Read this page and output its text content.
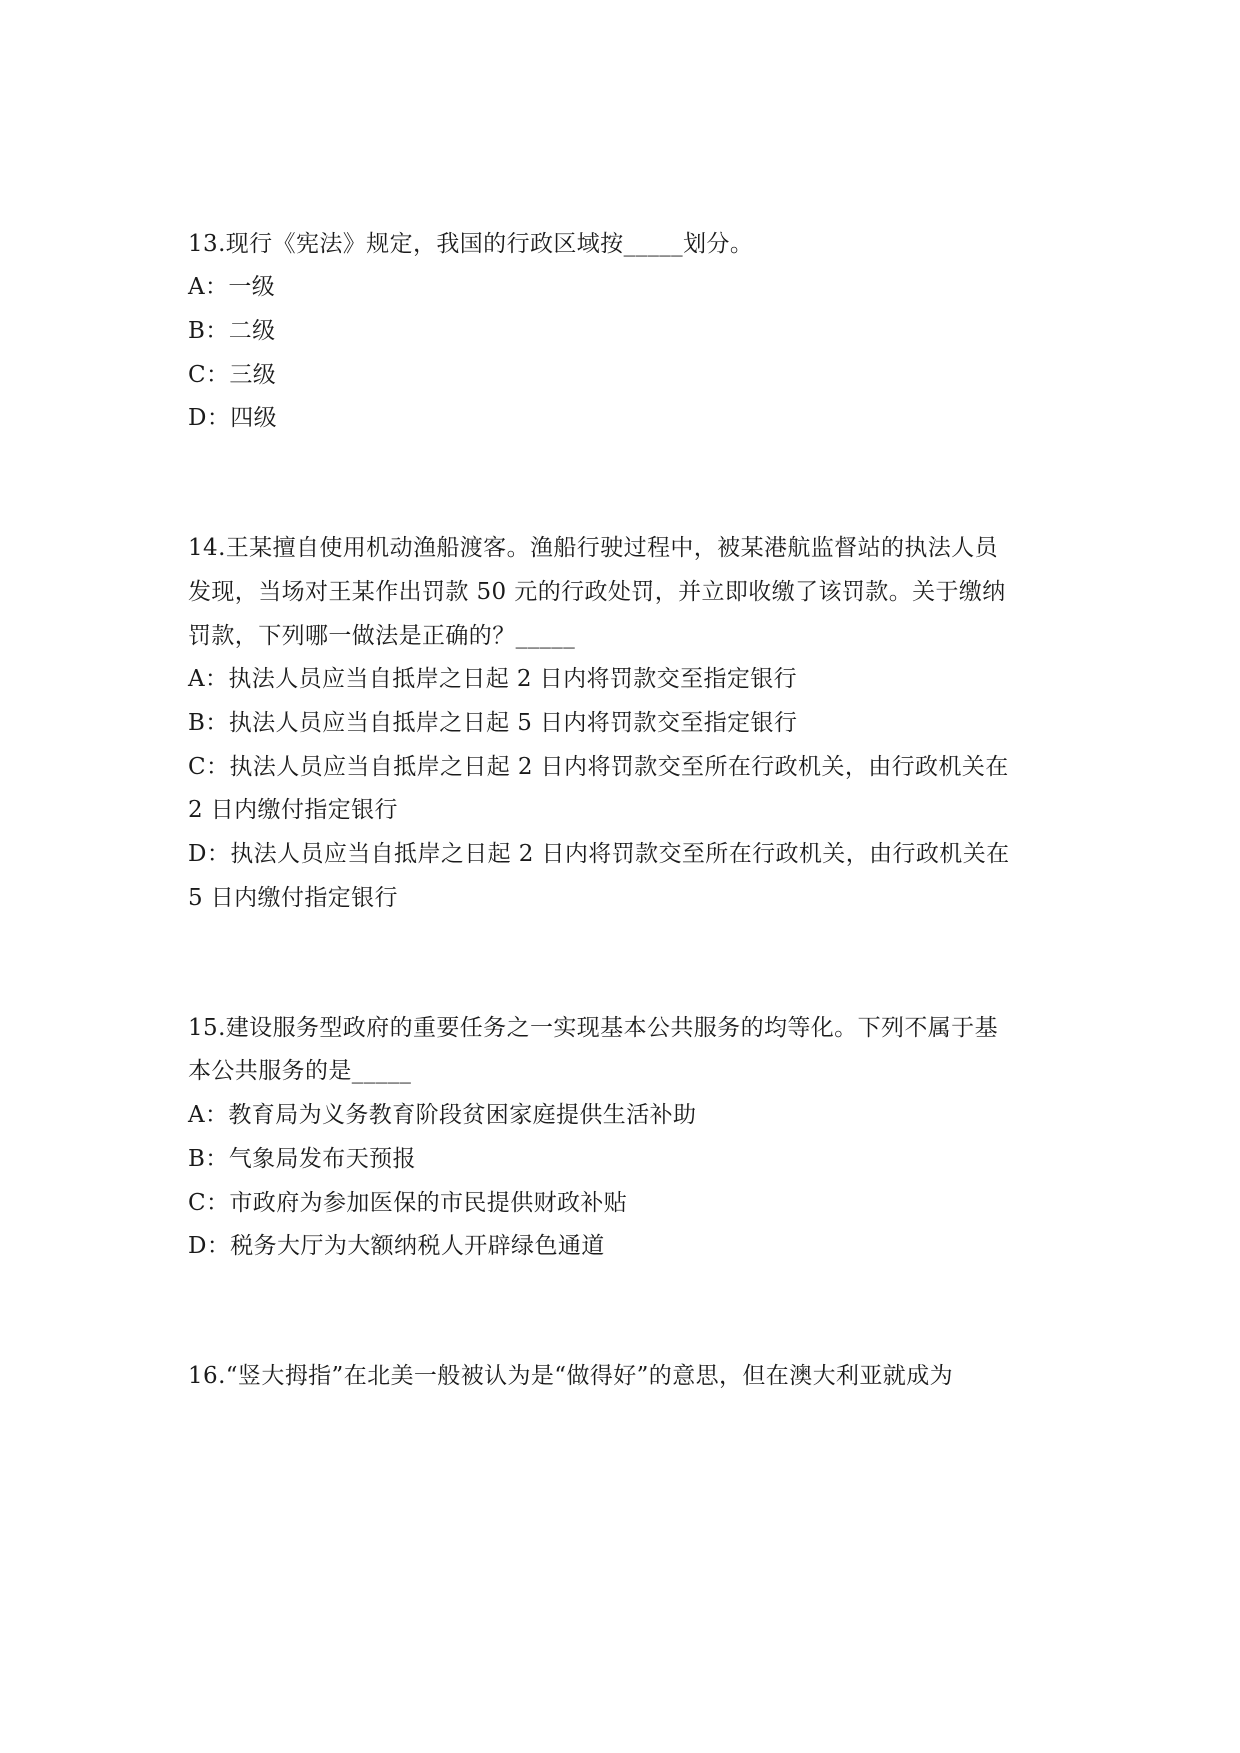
13.现行《宪法》规定，我国的行政区域按_____划分。
A：一级
B：二级
C：三级
D：四级
14.王某擅自使用机动渔船渡客。渔船行驶过程中，被某港航监督站的执法人员
发现，当场对王某作出罚款 50 元的行政处罚，并立即收缴了该罚款。关于缴纳
罚款，下列哪一做法是正确的？_____
A：执法人员应当自抵岸之日起 2 日内将罚款交至指定银行
B：执法人员应当自抵岸之日起 5 日内将罚款交至指定银行
C：执法人员应当自抵岸之日起 2 日内将罚款交至所在行政机关，由行政机关在
2 日内缴付指定银行
D：执法人员应当自抵岸之日起 2 日内将罚款交至所在行政机关，由行政机关在
5 日内缴付指定银行
15.建设服务型政府的重要任务之一实现基本公共服务的均等化。下列不属于基
本公共服务的是_____
A：教育局为义务教育阶段贫困家庭提供生活补助
B：气象局发布天预报
C：市政府为参加医保的市民提供财政补贴
D：税务大厅为大额纳税人开辟绿色通道
16.“竖大拇指”在北美一般被认为是“做得好”的意思，但在澳大利亚就成为
